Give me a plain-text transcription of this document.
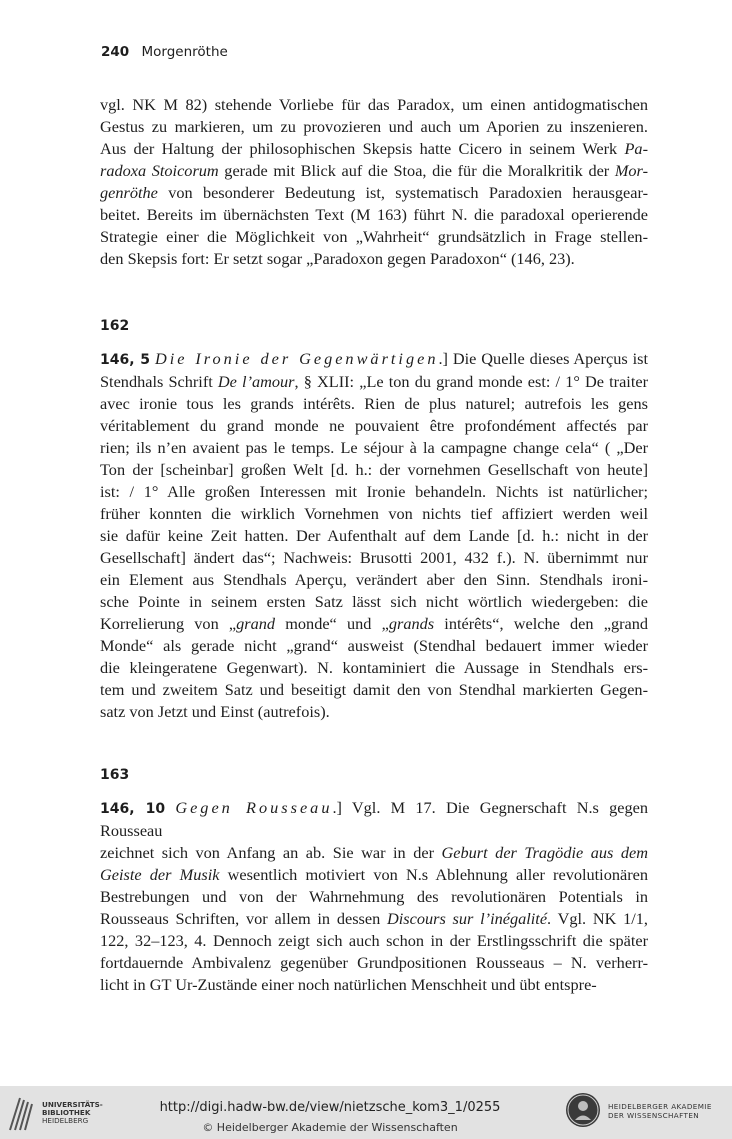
240 Morgenröthe
vgl. NK M 82) stehende Vorliebe für das Paradox, um einen antidogmatischen
Gestus zu markieren, um zu provozieren und auch um Aporien zu inszenieren.
Aus der Haltung der philosophischen Skepsis hatte Cicero in seinem Werk Pa-
radoxa Stoicorum gerade mit Blick auf die Stoa, die für die Moralkritik der Mor-
genröthe von besonderer Bedeutung ist, systematisch Paradoxien herausgear-
beitet. Bereits im übernächsten Text (M 163) führt N. die paradoxal operierende
Strategie einer die Möglichkeit von „Wahrheit“ grundsätzlich in Frage stellen-
den Skepsis fort: Er setzt sogar „Paradoxon gegen Paradoxon“ (146, 23).
162
146, 5 Die Ironie der Gegenwärtigen.] Die Quelle dieses Aperçus ist
Stendhals Schrift De l’amour, § XLII: „Le ton du grand monde est: / 1° De traiter
avec ironie tous les grands intérêts. Rien de plus naturel; autrefois les gens
véritablement du grand monde ne pouvaient être profondément affectés par
rien; ils n’en avaient pas le temps. Le séjour à la campagne change cela“ ( „Der
Ton der [scheinbar] großen Welt [d. h.: der vornehmen Gesellschaft von heute]
ist: / 1° Alle großen Interessen mit Ironie behandeln. Nichts ist natürlicher;
früher konnten die wirklich Vornehmen von nichts tief affiziert werden weil
sie dafür keine Zeit hatten. Der Aufenthalt auf dem Lande [d. h.: nicht in der
Gesellschaft] ändert das“; Nachweis: Brusotti 2001, 432 f.). N. übernimmt nur
ein Element aus Stendhals Aperçu, verändert aber den Sinn. Stendhals ironi-
sche Pointe in seinem ersten Satz lässt sich nicht wörtlich wiedergeben: die
Korrelierung von „grand monde“ und „grands intérêts“, welche den „grand
Monde“ als gerade nicht „grand“ ausweist (Stendhal bedauert immer wieder
die kleingeratene Gegenwart). N. kontaminiert die Aussage in Stendhals ers-
tem und zweitem Satz und beseitigt damit den von Stendhal markierten Gegen-
satz von Jetzt und Einst (autrefois).
163
146, 10 Gegen Rousseau.] Vgl. M 17. Die Gegnerschaft N.s gegen Rousseau
zeichnet sich von Anfang an ab. Sie war in der Geburt der Tragödie aus dem
Geiste der Musik wesentlich motiviert von N.s Ablehnung aller revolutionären
Bestrebungen und von der Wahrnehmung des revolutionären Potentials in
Rousseaus Schriften, vor allem in dessen Discours sur l’inégalité. Vgl. NK 1/1,
122, 32–123, 4. Dennoch zeigt sich auch schon in der Erstlingsschrift die später
fortdauernde Ambivalenz gegenüber Grundpositionen Rousseaus – N. verherr-
licht in GT Ur-Zustände einer noch natürlichen Menschheit und übt entspre-
UNIVERSITÄTS-
BIBLIOTHEK
HEIDELBERG
http://digi.hadw-bw.de/view/nietzsche_kom3_1/0255
© Heidelberger Akademie der Wissenschaften
HEIDELBERGER AKADEMIE
DER WISSENSCHAFTEN
